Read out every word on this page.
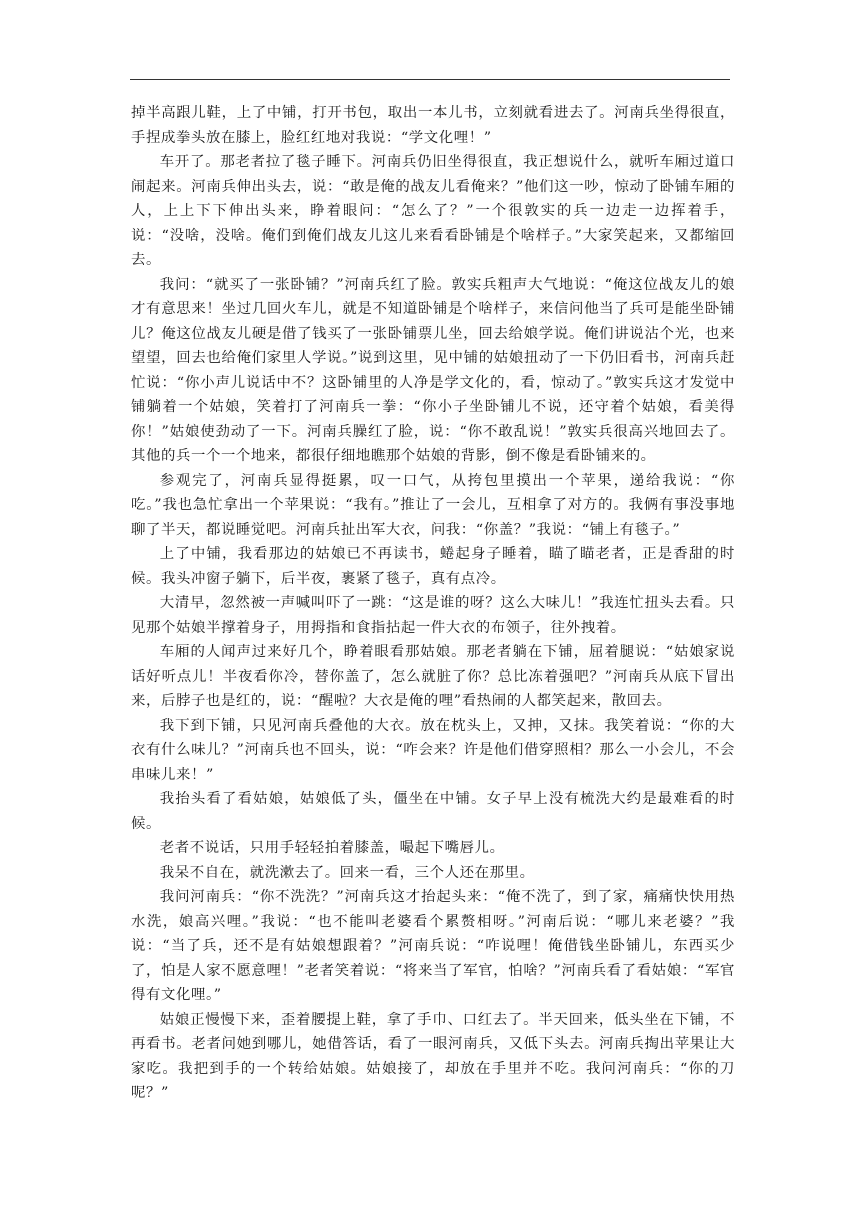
掉半高跟儿鞋，上了中铺，打开书包，取出一本儿书，立刻就看进去了。河南兵坐得很直，手捏成拳头放在膝上，脸红红地对我说：“学文化哩！”

车开了。那老者拉了毯子睡下。河南兵仍旧坐得很直，我正想说什么，就听车厢过道口闹起来。河南兵伸出头去，说：“敢是俺的战友儿看俺来？”他们这一吵，惊动了卧铺车厢的人，上上下下伸出头来，睁着眼问：“怎么了？”一个很敦实的兵一边走一边挥着手，说：“没啥，没啥。俺们到俺们战友儿这儿来看看卧铺是个啥样子。”大家笑起来，又都缩回去。

我问：“就买了一张卧铺？”河南兵红了脸。敦实兵粗声大气地说：“俺这位战友儿的娘才有意思来！坐过几回火车儿，就是不知道卧铺是个啥样子，来信问他当了兵可是能坐卧铺儿？俺这位战友儿硬是借了钱买了一张卧铺票儿坐，回去给娘学说。俺们讲说沾个光，也来望望，回去也给俺们家里人学说。”说到这里，见中铺的姑娘扭动了一下仍旧看书，河南兵赶忙说：“你小声儿说话中不？这卧铺里的人净是学文化的，看，惊动了。”敦实兵这才发觉中铺躺着一个姑娘，笑着打了河南兵一拳：“你小子坐卧铺儿不说，还守着个姑娘，看美得你！”姑娘使劲动了一下。河南兵臊红了脸，说：“你不敢乱说！”敦实兵很高兴地回去了。其他的兵一个一个地来，都很仔细地瞧那个姑娘的背影，倒不像是看卧铺来的。

参观完了，河南兵显得挺累，叹一口气，从挎包里摸出一个苹果，递给我说：“你吃。”我也急忙拿出一个苹果说：“我有。”推让了一会儿，互相拿了对方的。我俩有事没事地聊了半天，都说睡觉吧。河南兵扯出军大衣，问我：“你盖？”我说：“铺上有毯子。”

上了中铺，我看那边的姑娘已不再读书，蜷起身子睡着，瞄了瞄老者，正是香甜的时候。我头冲窗子躺下，后半夜，裹紧了毯子，真有点冷。

大清早，忽然被一声喊叫吓了一跳：“这是谁的呀？这么大味儿！”我连忙扭头去看。只见那个姑娘半撑着身子，用拇指和食指拈起一件大衣的布领子，往外拽着。

车厢的人闻声过来好几个，睁着眼看那姑娘。那老者躺在下铺，屈着腿说：“姑娘家说话好听点儿！半夜看你冷，替你盖了，怎么就脏了你？总比冻着强吧？”河南兵从底下冒出来，后脖子也是红的，说：“醒啦？大衣是俺的哩”看热闹的人都笑起来，散回去。

我下到下铺，只见河南兵叠他的大衣。放在枕头上，又抻，又抹。我笑着说：“你的大衣有什么味儿？”河南兵也不回头，说：“咋会来？许是他们借穿照相？那么一小会儿，不会串味儿来！”

我抬头看了看姑娘，姑娘低了头，僵坐在中铺。女子早上没有梳洗大约是最难看的时候。

老者不说话，只用手轻轻拍着膝盖，嘬起下嘴唇儿。

我呆不自在，就洗漱去了。回来一看，三个人还在那里。

我问河南兵：“你不洗洗？”河南兵这才抬起头来：“俺不洗了，到了家，痛痛快快用热水洗，娘高兴哩。”我说：“也不能叫老婆看个累赘相呀。”河南后说：“哪儿来老婆？”我说：“当了兵，还不是有姑娘想跟着？”河南兵说：“咋说哩！俺借钱坐卧铺儿，东西买少了，怕是人家不愿意哩！”老者笑着说：“将来当了军官，怕啥？”河南兵看了看姑娘：“军官得有文化哩。”

姑娘正慢慢下来，歪着腰提上鞋，拿了手巾、口红去了。半天回来，低头坐在下铺，不再看书。老者问她到哪儿，她借答话，看了一眼河南兵，又低下头去。河南兵掏出苹果让大家吃。我把到手的一个转给姑娘。姑娘接了，却放在手里并不吃。我问河南兵：“你的刀呢？”
